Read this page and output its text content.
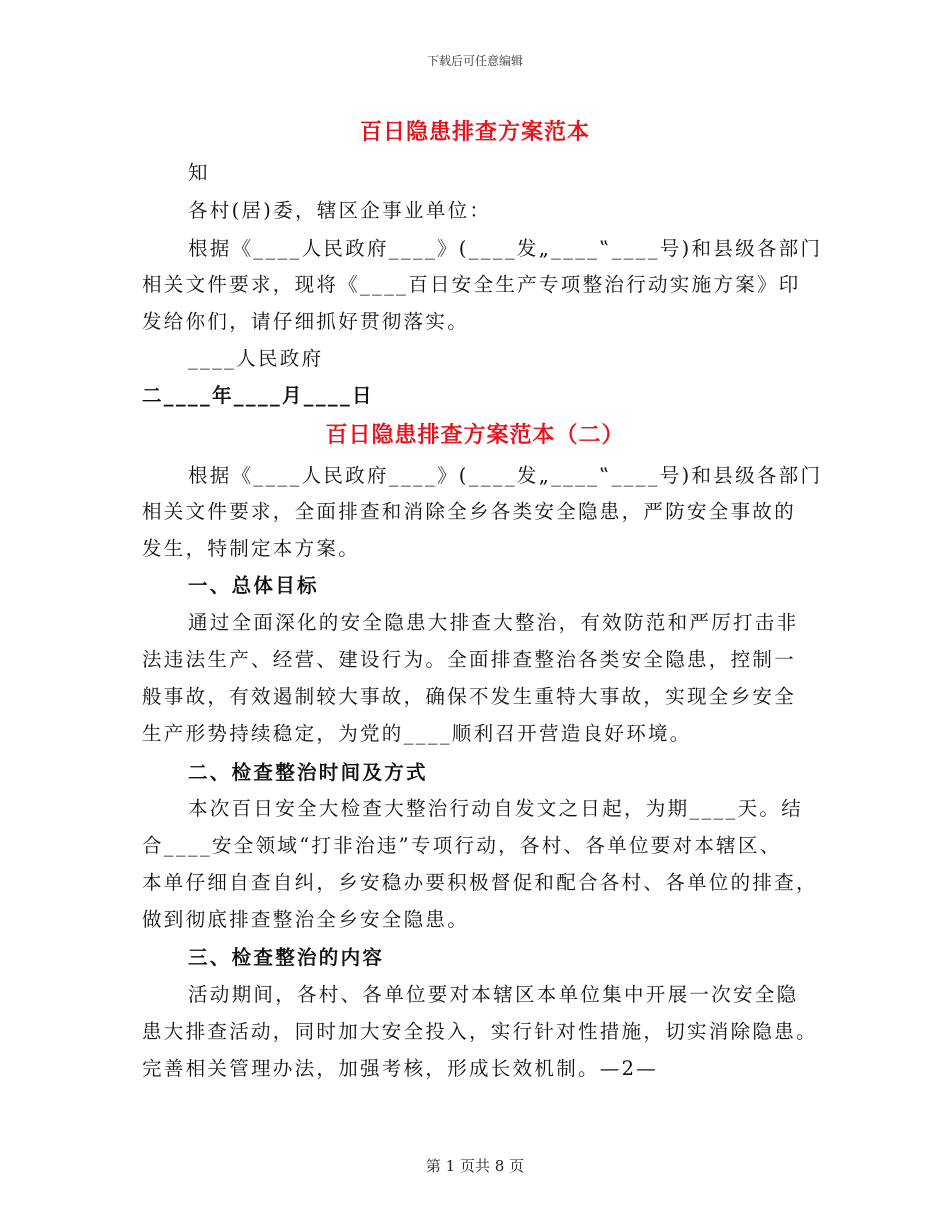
下载后可任意编辑
百日隐患排查方案范本
知
各村(居)委，辖区企事业单位：
根据《____人民政府____》(____发„____‟____号)和县级各部门
相关文件要求，现将《____百日安全生产专项整治行动实施方案》印
发给你们，请仔细抓好贯彻落实。
____人民政府
二____年____月____日
百日隐患排查方案范本（二）
根据《____人民政府____》(____发„____‟____号)和县级各部门
相关文件要求，全面排查和消除全乡各类安全隐患，严防安全事故的
发生，特制定本方案。
一、总体目标
通过全面深化的安全隐患大排查大整治，有效防范和严厉打击非
法违法生产、经营、建设行为。全面排查整治各类安全隐患，控制一
般事故，有效遏制较大事故，确保不发生重特大事故，实现全乡安全
生产形势持续稳定，为党的____顺利召开营造良好环境。
二、检查整治时间及方式
本次百日安全大检查大整治行动自发文之日起，为期____天。结
合____安全领域“打非治违”专项行动，各村、各单位要对本辖区、
本单仔细自查自纠，乡安稳办要积极督促和配合各村、各单位的排查，
做到彻底排查整治全乡安全隐患。
三、检查整治的内容
活动期间，各村、各单位要对本辖区本单位集中开展一次安全隐
患大排查活动，同时加大安全投入，实行针对性措施，切实消除隐患。
完善相关管理办法，加强考核，形成长效机制。—2—
第 1 页共 8 页
